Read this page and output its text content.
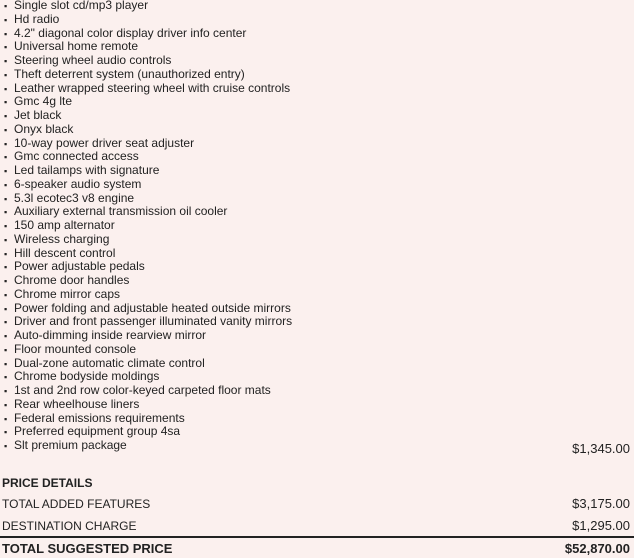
▪ Single slot cd/mp3 player
▪ Hd radio
▪ 4.2" diagonal color display driver info center
▪ Universal home remote
▪ Steering wheel audio controls
▪ Theft deterrent system (unauthorized entry)
▪ Leather wrapped steering wheel with cruise controls
▪ Gmc 4g lte
▪ Jet black
▪ Onyx black
▪ 10-way power driver seat adjuster
▪ Gmc connected access
▪ Led tailamps with signature
▪ 6-speaker audio system
▪ 5.3l ecotec3 v8 engine
▪ Auxiliary external transmission oil cooler
▪ 150 amp alternator
▪ Wireless charging
▪ Hill descent control
▪ Power adjustable pedals
▪ Chrome door handles
▪ Chrome mirror caps
▪ Power folding and adjustable heated outside mirrors
▪ Driver and front passenger illuminated vanity mirrors
▪ Auto-dimming inside rearview mirror
▪ Floor mounted console
▪ Dual-zone automatic climate control
▪ Chrome bodyside moldings
▪ 1st and 2nd row color-keyed carpeted floor mats
▪ Rear wheelhouse liners
▪ Federal emissions requirements
▪ Preferred equipment group 4sa
▪ Slt premium package	$1,345.00
PRICE DETAILS
TOTAL ADDED FEATURES	$3,175.00
DESTINATION CHARGE	$1,295.00
TOTAL SUGGESTED PRICE	$52,870.00
